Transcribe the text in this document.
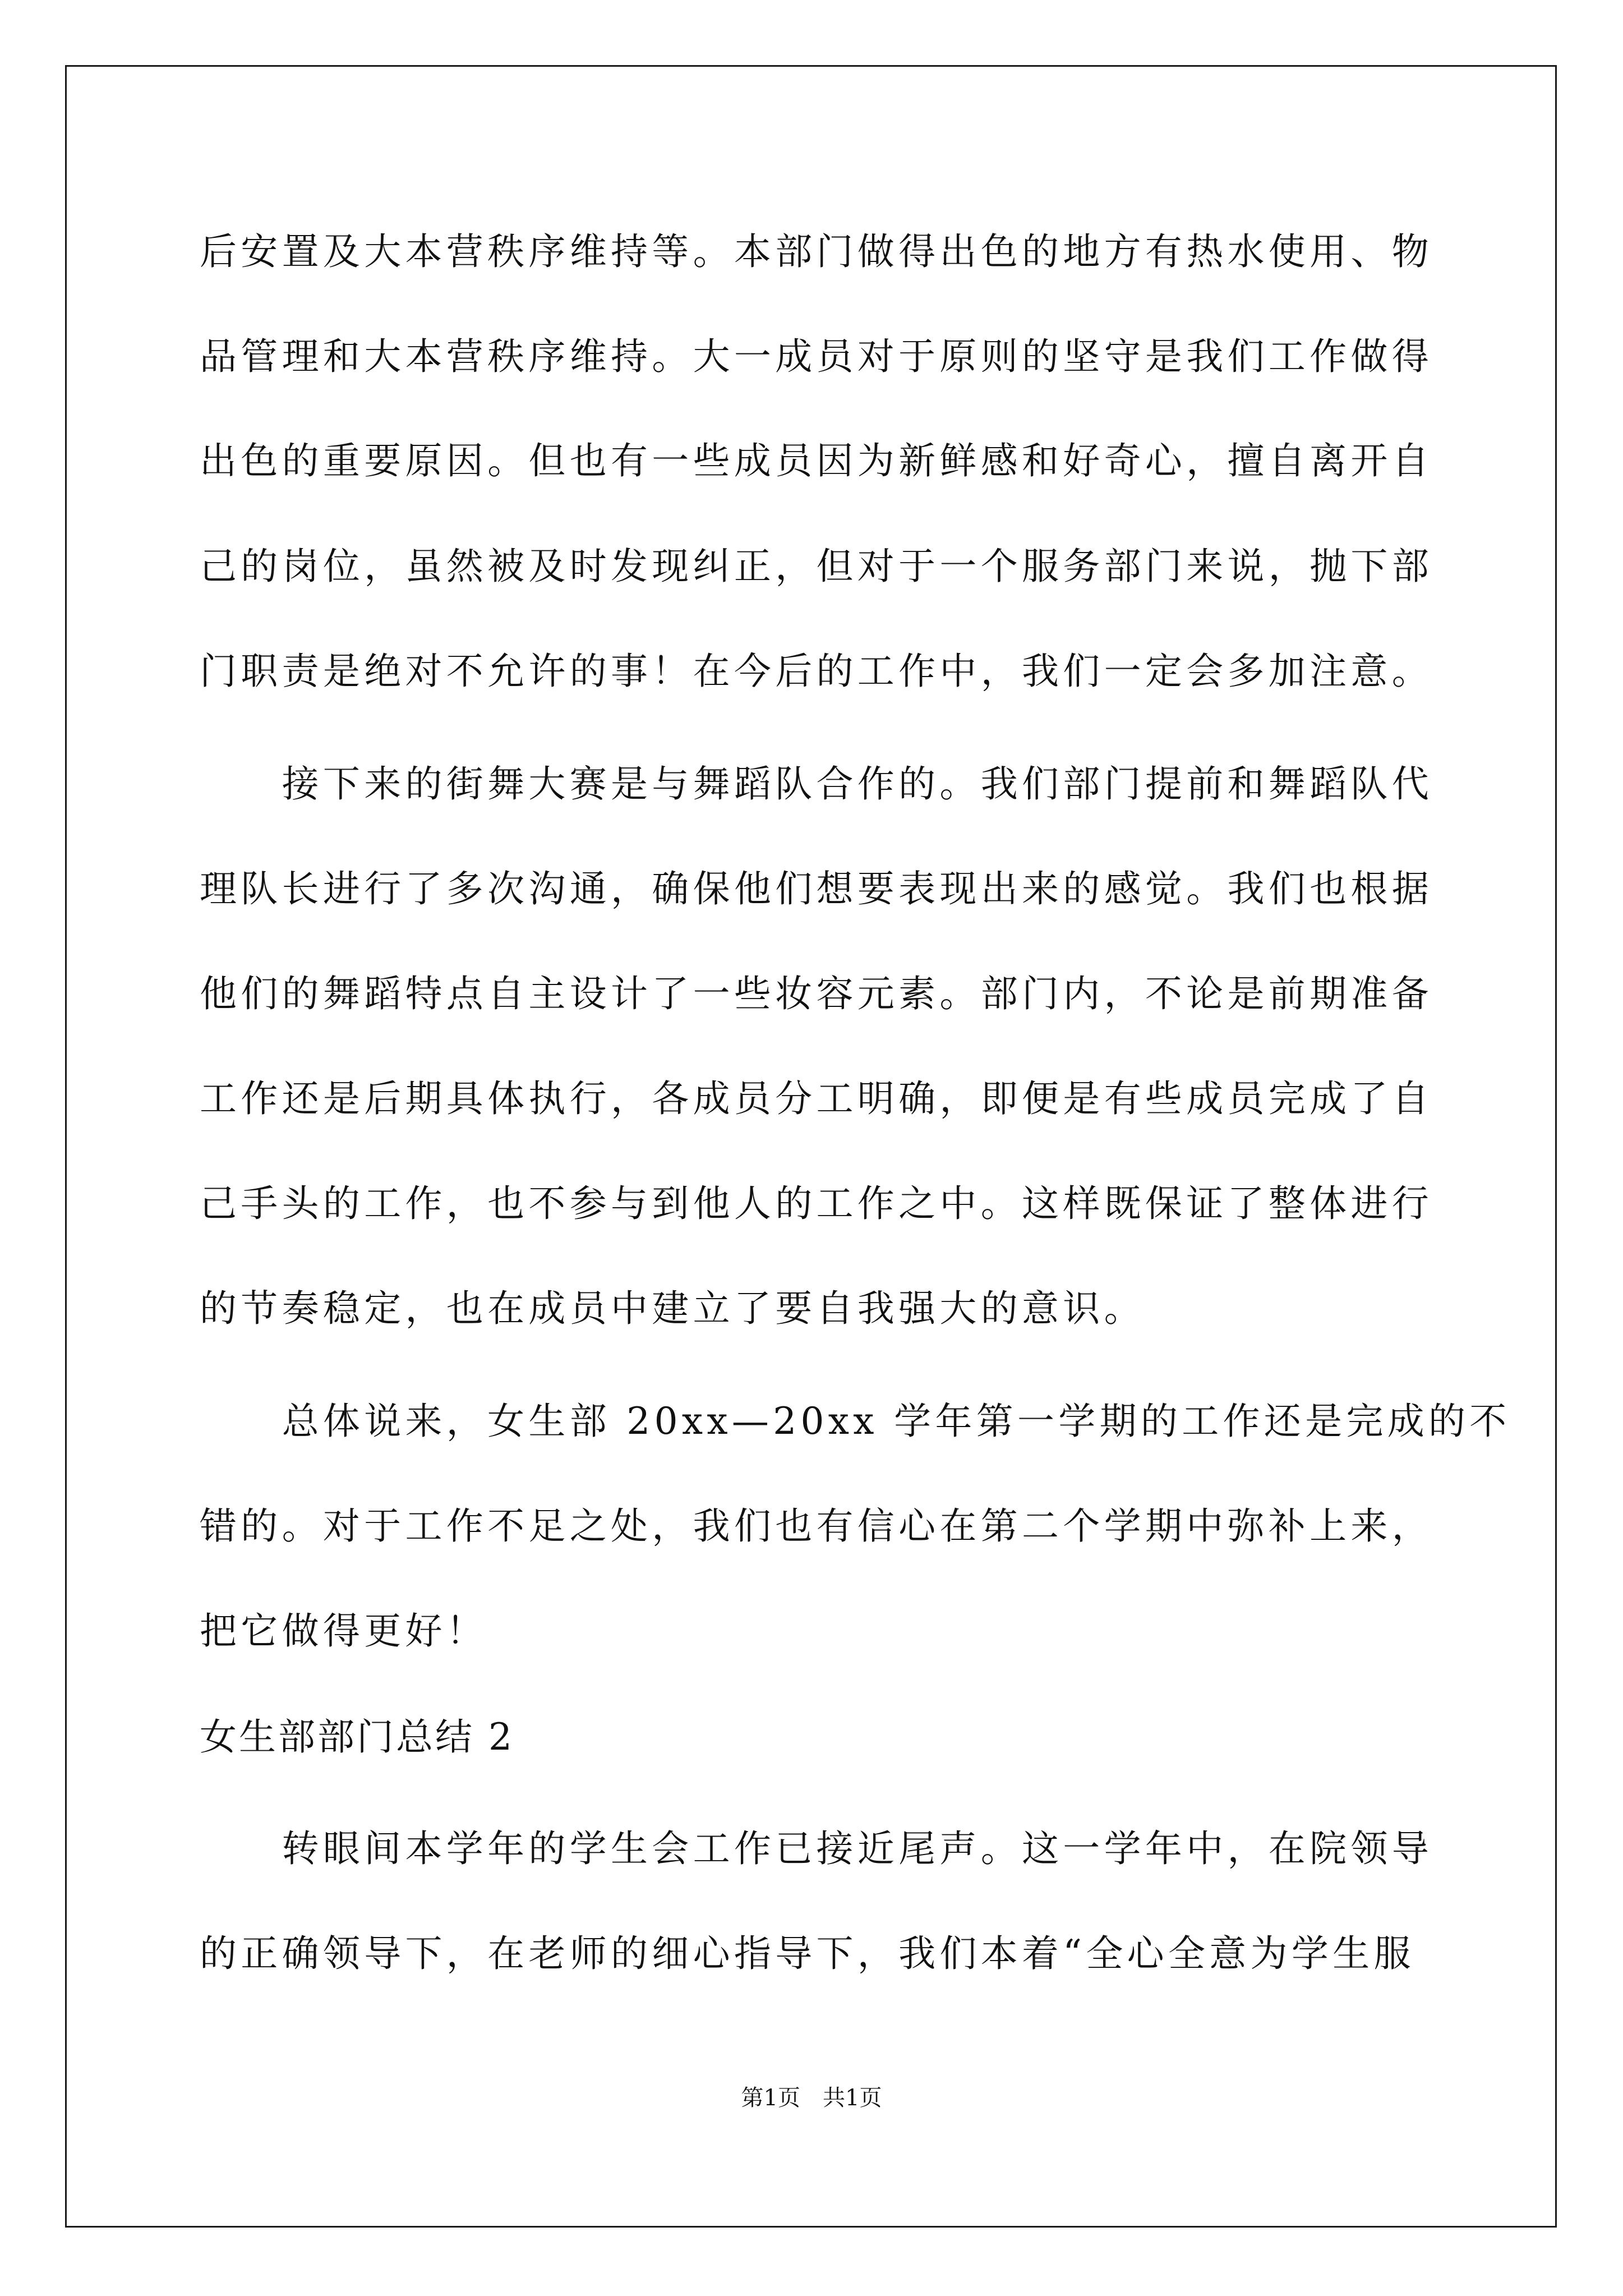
后安置及大本营秩序维持等。本部门做得出色的地方有热水使用、物
品管理和大本营秩序维持。大一成员对于原则的坚守是我们工作做得
出色的重要原因。但也有一些成员因为新鲜感和好奇心，擅自离开自
己的岗位，虽然被及时发现纠正，但对于一个服务部门来说，抛下部
门职责是绝对不允许的事！在今后的工作中，我们一定会多加注意。
　　接下来的街舞大赛是与舞蹈队合作的。我们部门提前和舞蹈队代
理队长进行了多次沟通，确保他们想要表现出来的感觉。我们也根据
他们的舞蹈特点自主设计了一些妆容元素。部门内，不论是前期准备
工作还是后期具体执行，各成员分工明确，即便是有些成员完成了自
己手头的工作，也不参与到他人的工作之中。这样既保证了整体进行
的节奏稳定，也在成员中建立了要自我强大的意识。
　　总体说来，女生部 20xx—20xx 学年第一学期的工作还是完成的不
错的。对于工作不足之处，我们也有信心在第二个学期中弥补上来，
把它做得更好！
女生部部门总结 2
　　转眼间本学年的学生会工作已接近尾声。这一学年中，在院领导
的正确领导下，在老师的细心指导下，我们本着“全心全意为学生服
第1页　共1页
